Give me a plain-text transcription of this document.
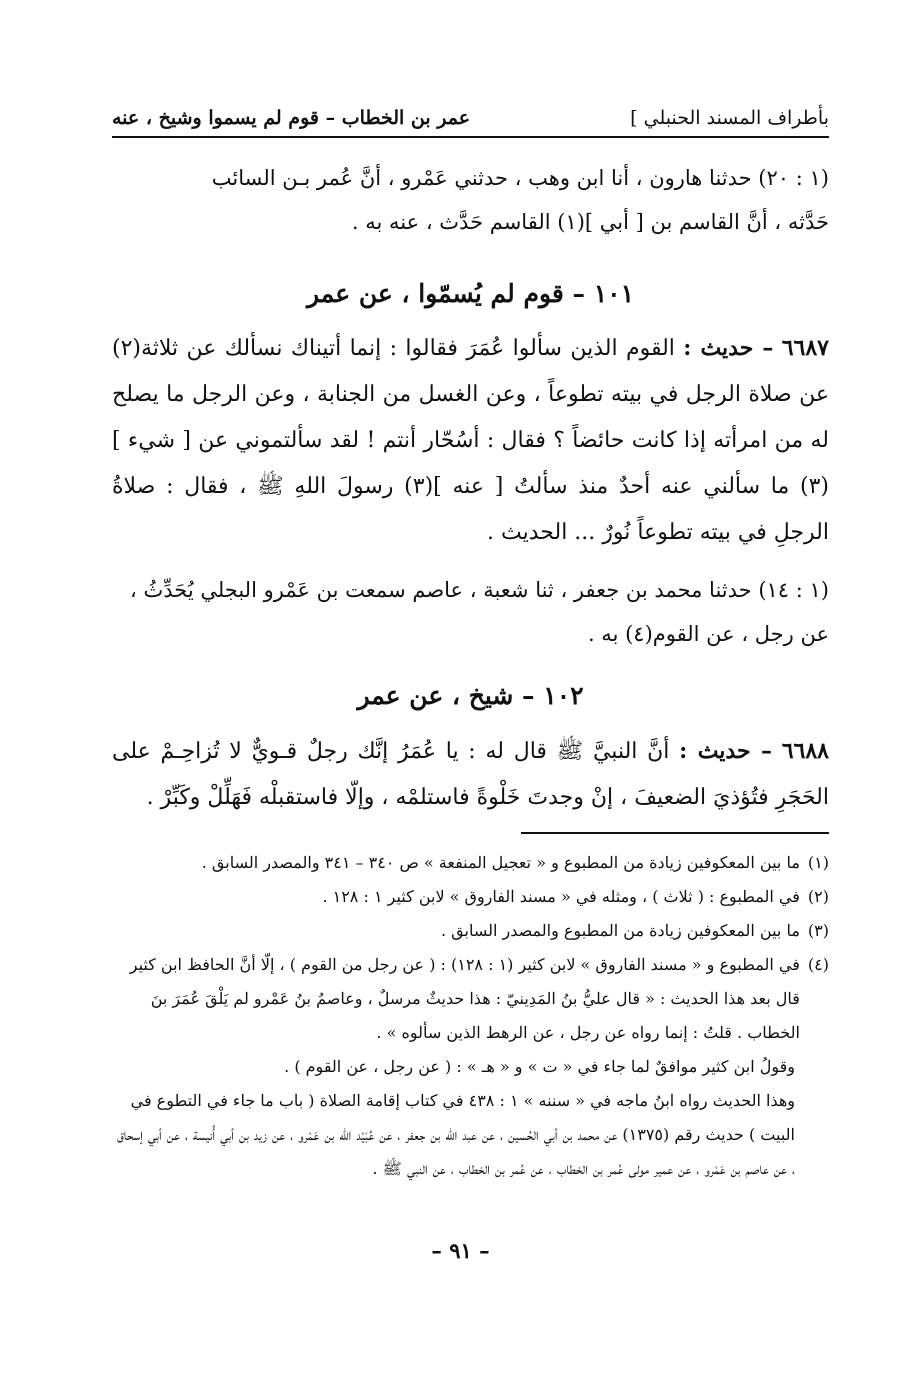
بأطراف المسند الحنبلي ]
عمر بن الخطاب – قوم لم يسموا وشيخ ، عنه

(١ : ٢٠) حدثنا هارون ، أنا ابن وهب ، حدثني عَمْرو ، أنَّ عُمر بـن السائب

حَدَّثه ، أنَّ القاسم بن [ أبي ](١) القاسم حَدَّث ، عنه به .

١٠١ – قوم لم يُسمّوا ، عن عمر

٦٦٨٧ – حديث : القوم الذين سألوا عُمَرَ فقالوا : إنما أتيناك نسألك عن ثلاثة(٢) عن صلاة الرجل في بيته تطوعاً ، وعن الغسل من الجنابة ، وعن الرجل ما يصلح له من امرأته إذا كانت حائضاً ؟ فقال : أسُحّار أنتم ! لقد سألتموني عن [ شيء ](٣) ما سألني عنه أحدٌ منذ سألتُ [ عنه ](٣) رسولَ اللهِ ﷺ ، فقال : صلاةُ الرجلِ في بيته تطوعاً نُورٌ ... الحديث .

(١ : ١٤) حدثنا محمد بن جعفر ، ثنا شعبة ، عاصم سمعت بن عَمْرو البجلي يُحَدِّثُ ،

عن رجل ، عن القوم(٤) به .

١٠٢ – شيخ ، عن عمر

٦٦٨٨ – حديث : أنَّ النبيَّ ﷺ قال له : يا عُمَرُ إنَّك رجلٌ قـويٌّ لا تُزاحِـمْ على الحَجَرِ فتُؤذيَ الضعيفَ ، إنْ وجدتَ خَلْوةً فاستلمْه ، وإلّا فاستقبلْه فَهَلِّلْ وكَبِّرْ .

(١)
ما بين المعكوفين زيادة من المطبوع و « تعجيل المنفعة » ص ٣٤٠ – ٣٤١ والمصدر السابق .
(٢)
في المطبوع : ( ثلاث ) ، ومثله في « مسند الفاروق » لابن كثير ١ : ١٢٨ .
(٣)
ما بين المعكوفين زيادة من المطبوع والمصدر السابق .
(٤)
في المطبوع و « مسند الفاروق » لابن كثير (١ : ١٢٨) : ( عن رجل من القوم ) ، إلّا أنَّ الحافظ ابن كثير قال بعد هذا الحديث : « قال عليُّ بنُ المَدِينيّ : هذا حديثٌ مرسلٌ ، وعاصمُ بنُ عَمْرو لم يَلْقَ عُمَرَ بنَ الخطاب . قلتُ : إنما رواه عن رجل ، عن الرهط الذين سألوه » .

وقولُ ابن كثير موافقٌ لما جاء في « ت » و « هـ » : ( عن رجل ، عن القوم ) .

وهذا الحديث رواه ابنُ ماجه في « سننه » ١ : ٤٣٨ في كتاب إقامة الصلاة ( باب ما جاء في التطوع في البيت ) حديث رقم (١٣٧٥) عن محمد بن أبي الحُسين ، عن عبد الله بن جعفر ، عن عُبَيْد الله بن عَمْرو ، عن زيد بن أبي أُنيسة ، عن أبي إسحاق ، عن عاصم بن عَمْرو ، عن عمير مولى عُمر بن الخطاب ، عن عُمر بن الخطاب ، عن النبي ﷺ .

– ٩١ –
